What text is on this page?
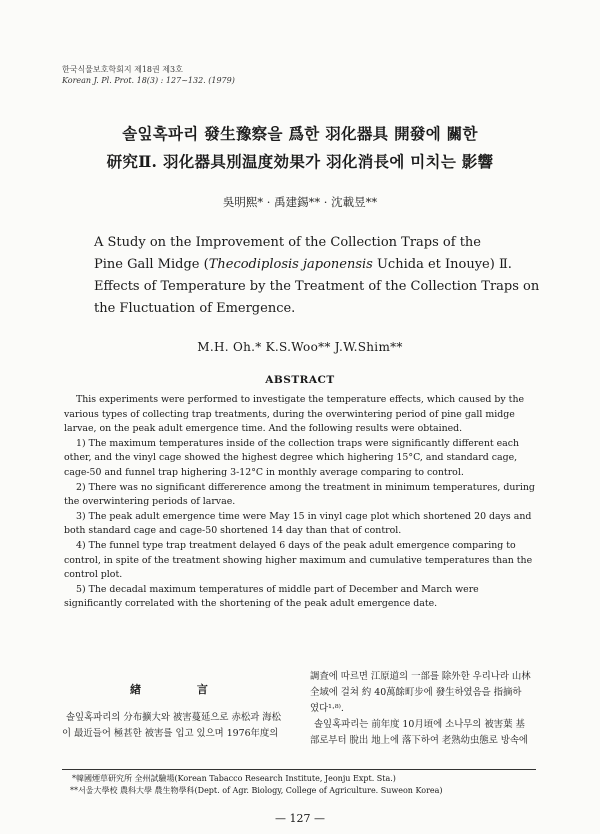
한국식물보호학회지 제18권 제3호
Korean J. Pl. Prot. 18(3) : 127~132. (1979)
솔잎혹파리 發生豫察을 爲한 羽化器具 開發에 關한
研究Ⅱ. 羽化器具別温度効果가 羽化消長에 미치는 影響
吳明熙* · 禹建錫** · 沈載昱**
A Study on the Improvement of the Collection Traps of the
Pine Gall Midge (Thecodiplosis japonensis Uchida et Inouye) Ⅱ.
Effects of Temperature by the Treatment of the Collection Traps on
the Fluctuation of Emergence.
M.H. Oh.* K.S.Woo** J.W.Shim**
ABSTRACT
This experiments were performed to investigate the temperature effects, which caused by the various types of collecting trap treatments, during the overwintering period of pine gall midge larvae, on the peak adult emergence time. And the following results were obtained.
1) The maximum temperatures inside of the collection traps were significantly different each other, and the vinyl cage showed the highest degree which highering 15°C, and standard cage, cage-50 and funnel trap highering 3-12°C in monthly average comparing to control.
2) There was no significant differerence among the treatment in minimum temperatures, during the overwintering periods of larvae.
3) The peak adult emergence time were May 15 in vinyl cage plot which shortened 20 days and both standard cage and cage-50 shortened 14 day than that of control.
4) The funnel type trap treatment delayed 6 days of the peak adult emergence comparing to control, in spite of the treatment showing higher maximum and cumulative temperatures than the control plot.
5) The decadal maximum temperatures of middle part of December and March were significantly correlated with the shortening of the peak adult emergence date.
緖 言
솔잎혹파리의 分布擴大와 被害蔓延으로 赤松과 海松
이 最近들어 極甚한 被害를 입고 있으며 1976年度의
調査에 따르면 江原道의 一部를 除外한 우리나라 山林
全域에 걸쳐 約 40萬餘町步에 發生하였음을 指摘하
였다¹·⁸⁾.
솔잎혹파리는 前年度 10月頃에 소나무의 被害葉 基
部로부터 脫出 地上에 落下하여 老熟幼虫態로 방속에
*韓國煙草研究所 全州試驗場(Korean Tabacco Research Institute, Jeonju Expt. Sta.)
**서울大學校 農科大學 農生物學科(Dept. of Agr. Biology, College of Agriculture. Suweon Korea)
— 127 —
